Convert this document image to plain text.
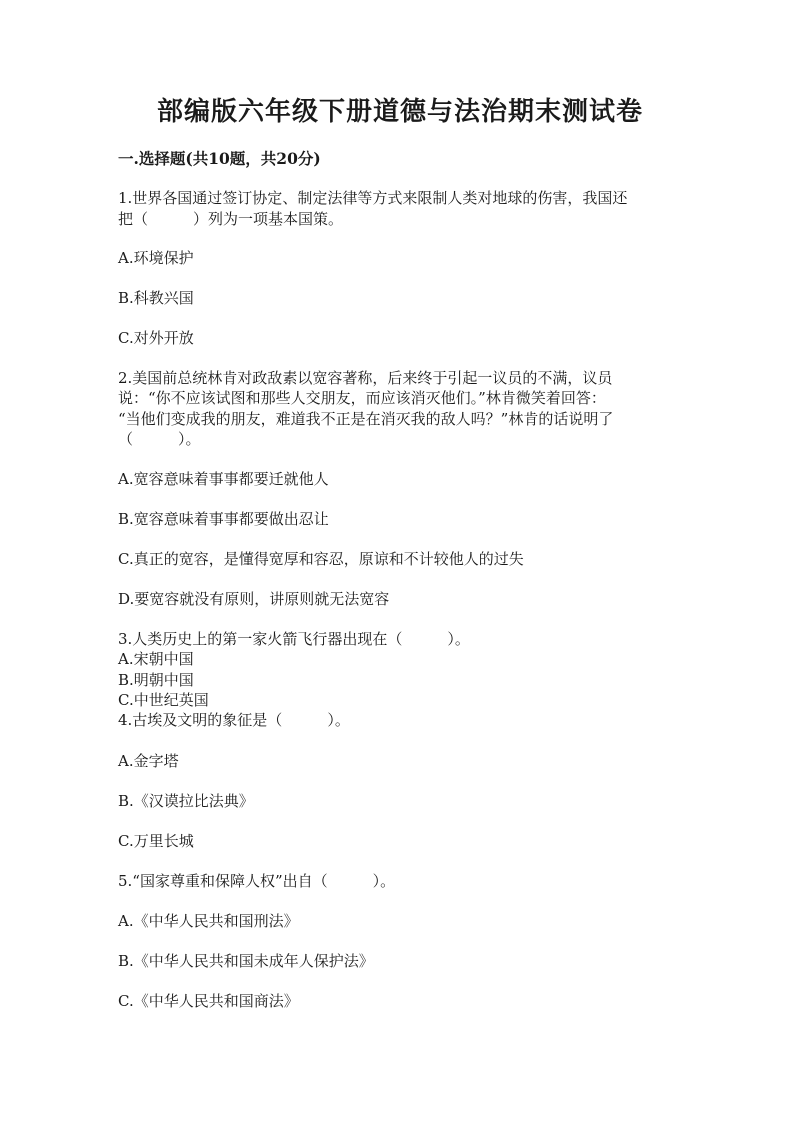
部编版六年级下册道德与法治期末测试卷
一.选择题(共10题，共20分)
1.世界各国通过签订协定、制定法律等方式来限制人类对地球的伤害，我国还
把（　　　）列为一项基本国策。
A.环境保护
B.科教兴国
C.对外开放
2.美国前总统林肯对政敌素以宽容著称，后来终于引起一议员的不满，议员
说：“你不应该试图和那些人交朋友，而应该消灭他们。”林肯微笑着回答：
“当他们变成我的朋友，难道我不正是在消灭我的敌人吗？”林肯的话说明了
（　　　）。
A.宽容意味着事事都要迁就他人
B.宽容意味着事事都要做出忍让
C.真正的宽容，是懂得宽厚和容忍，原谅和不计较他人的过失
D.要宽容就没有原则，讲原则就无法宽容
3.人类历史上的第一家火箭飞行器出现在（　　　）。
A.宋朝中国
B.明朝中国
C.中世纪英国
4.古埃及文明的象征是（　　　）。
A.金字塔
B.《汉谟拉比法典》
C.万里长城
5.“国家尊重和保障人权”出自（　　　）。
A.《中华人民共和国刑法》
B.《中华人民共和国未成年人保护法》
C.《中华人民共和国商法》
